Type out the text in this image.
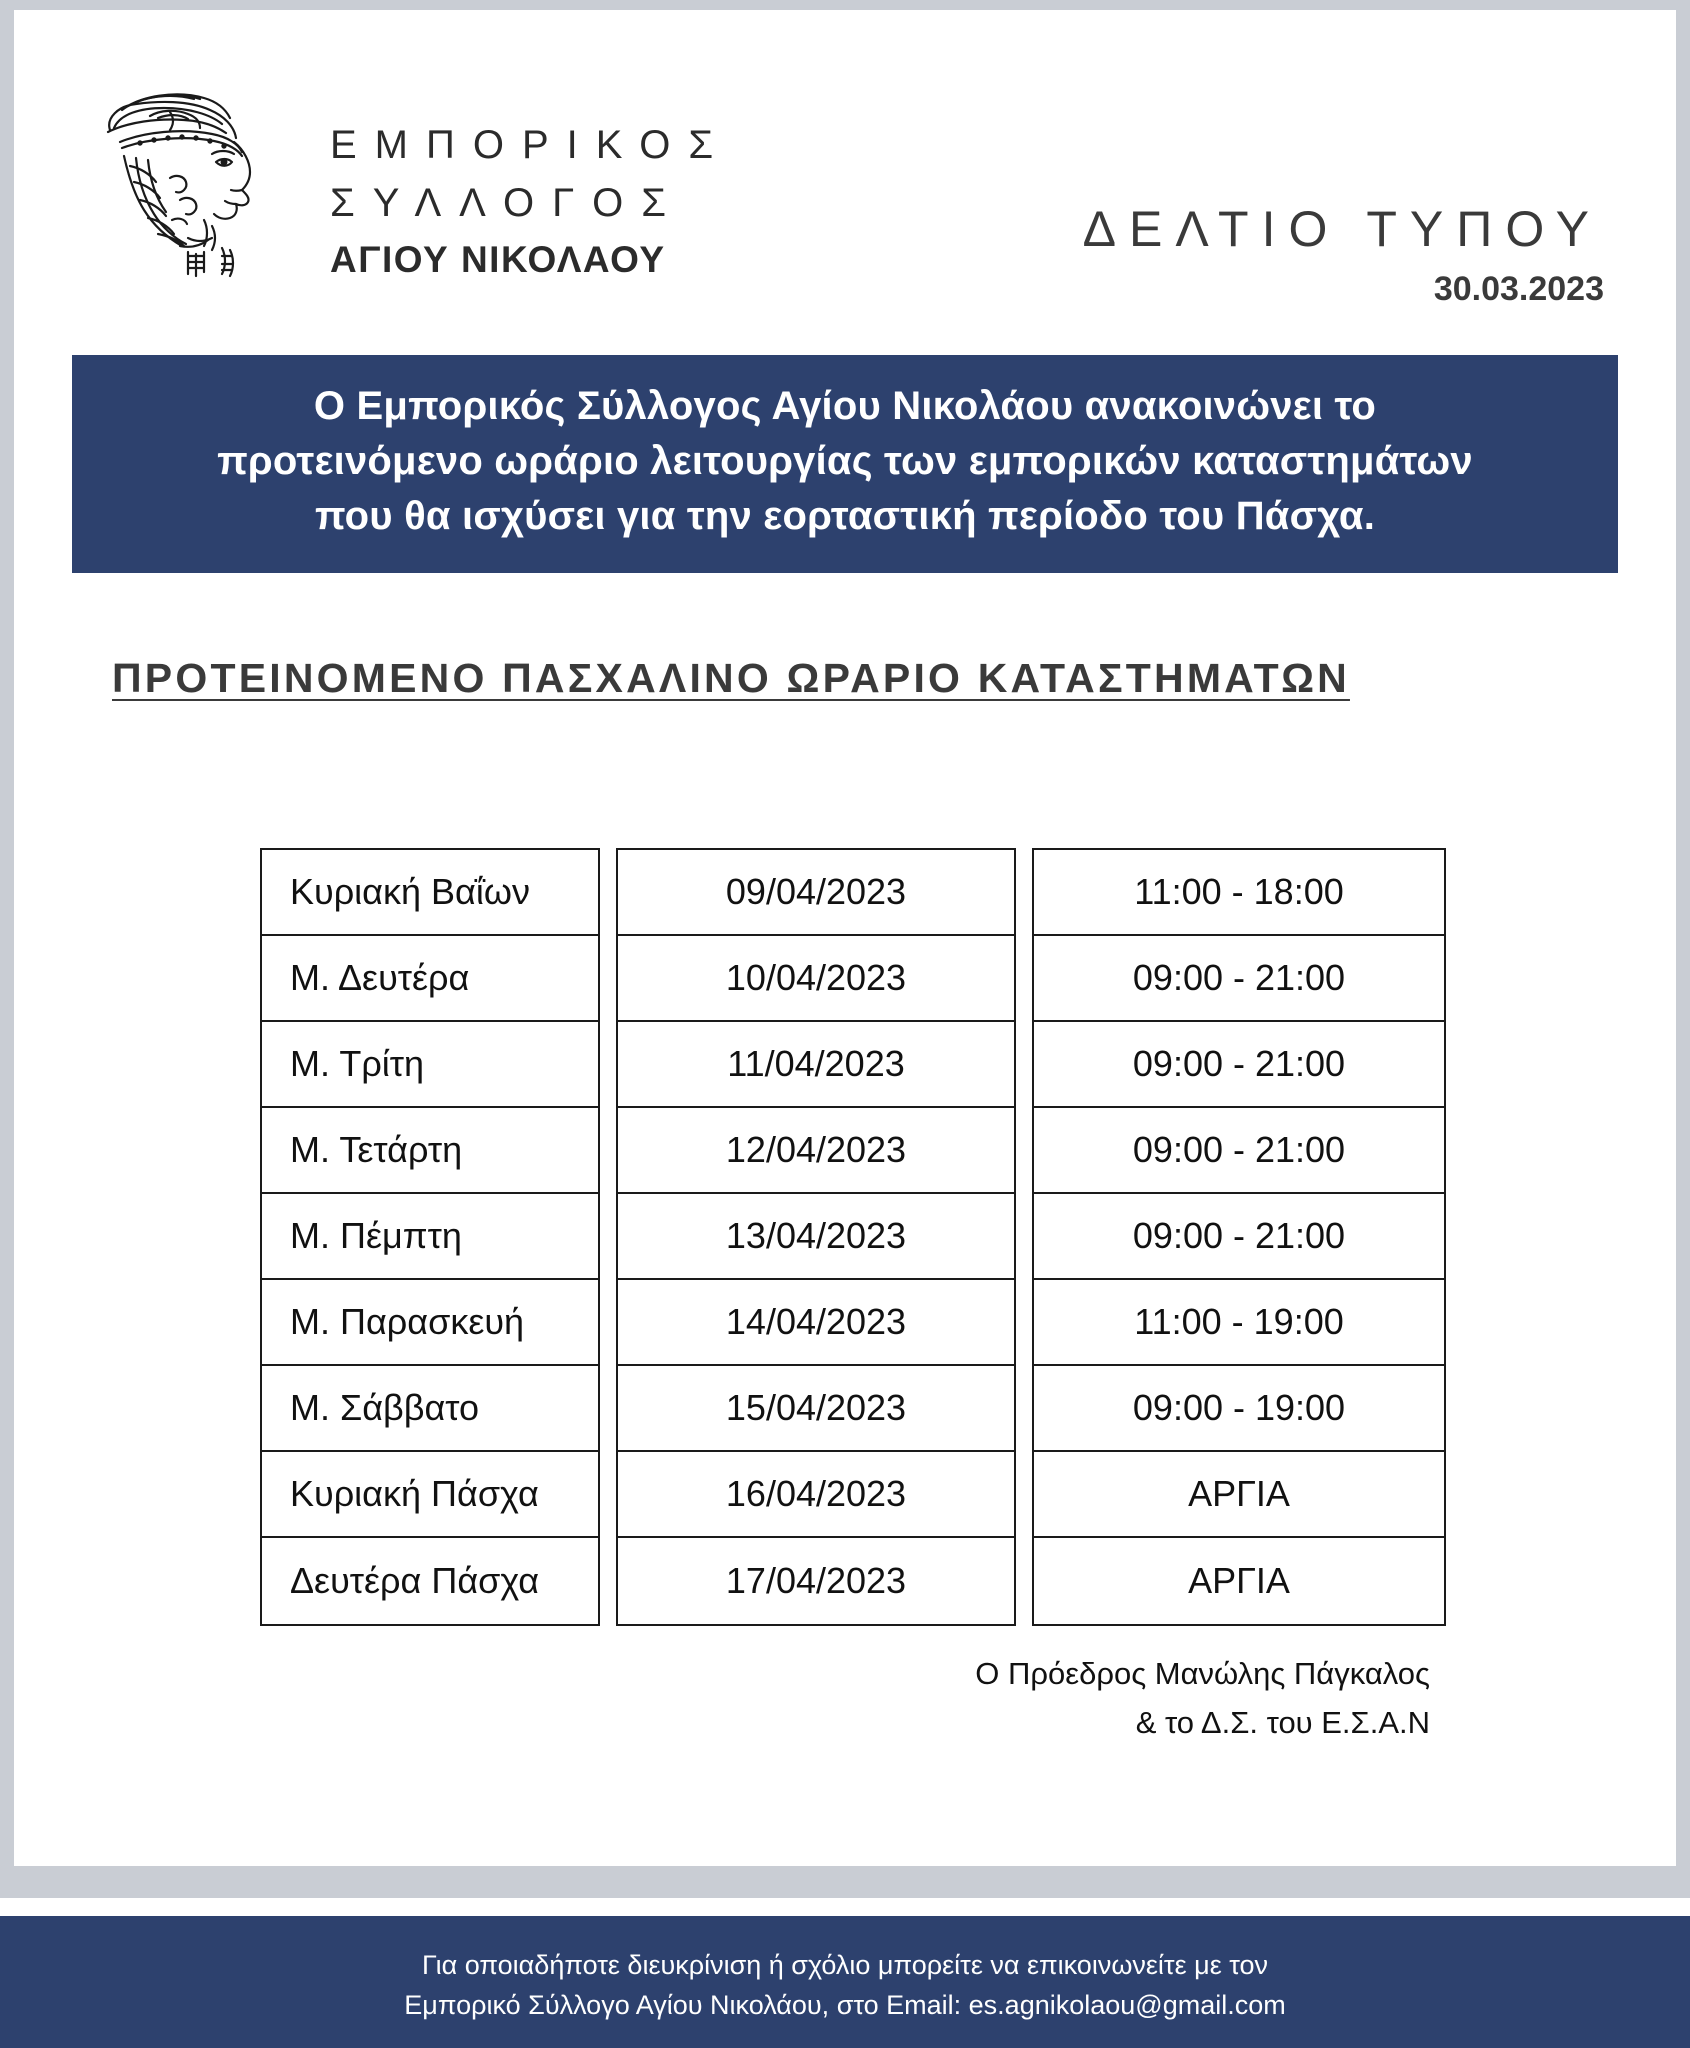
ΕΜΠΟΡΙΚΟΣ
ΣΥΛΛΟΓΟΣ
ΑΓΙΟΥ ΝΙΚΟΛΑΟΥ
ΔΕΛΤΙΟ ΤΥΠΟΥ
30.03.2023
Ο Εμπορικός Σύλλογος Αγίου Νικολάου ανακοινώνει το
προτεινόμενο ωράριο λειτουργίας των εμπορικών καταστημάτων
που θα ισχύσει για την εορταστική περίοδο του Πάσχα.
ΠΡΟΤΕΙΝΟΜΕΝΟ ΠΑΣΧΑΛΙΝΟ ΩΡΑΡΙΟ ΚΑΤΑΣΤΗΜΑΤΩΝ
Κυριακή Βαΐων
Μ. Δευτέρα
Μ. Τρίτη
Μ. Τετάρτη
Μ. Πέμπτη
Μ. Παρασκευή
Μ. Σάββατο
Κυριακή Πάσχα
Δευτέρα Πάσχα
09/04/2023
10/04/2023
11/04/2023
12/04/2023
13/04/2023
14/04/2023
15/04/2023
16/04/2023
17/04/2023
11:00 - 18:00
09:00 - 21:00
09:00 - 21:00
09:00 - 21:00
09:00 - 21:00
11:00 - 19:00
09:00 - 19:00
ΑΡΓΙΑ
ΑΡΓΙΑ
Ο Πρόεδρος Μανώλης Πάγκαλος
& το Δ.Σ. του Ε.Σ.Α.Ν
Για οποιαδήποτε διευκρίνιση ή σχόλιο μπορείτε να επικοινωνείτε με τον
Εμπορικό Σύλλογο Αγίου Νικολάου, στο Email: es.agnikolaou@gmail.com
